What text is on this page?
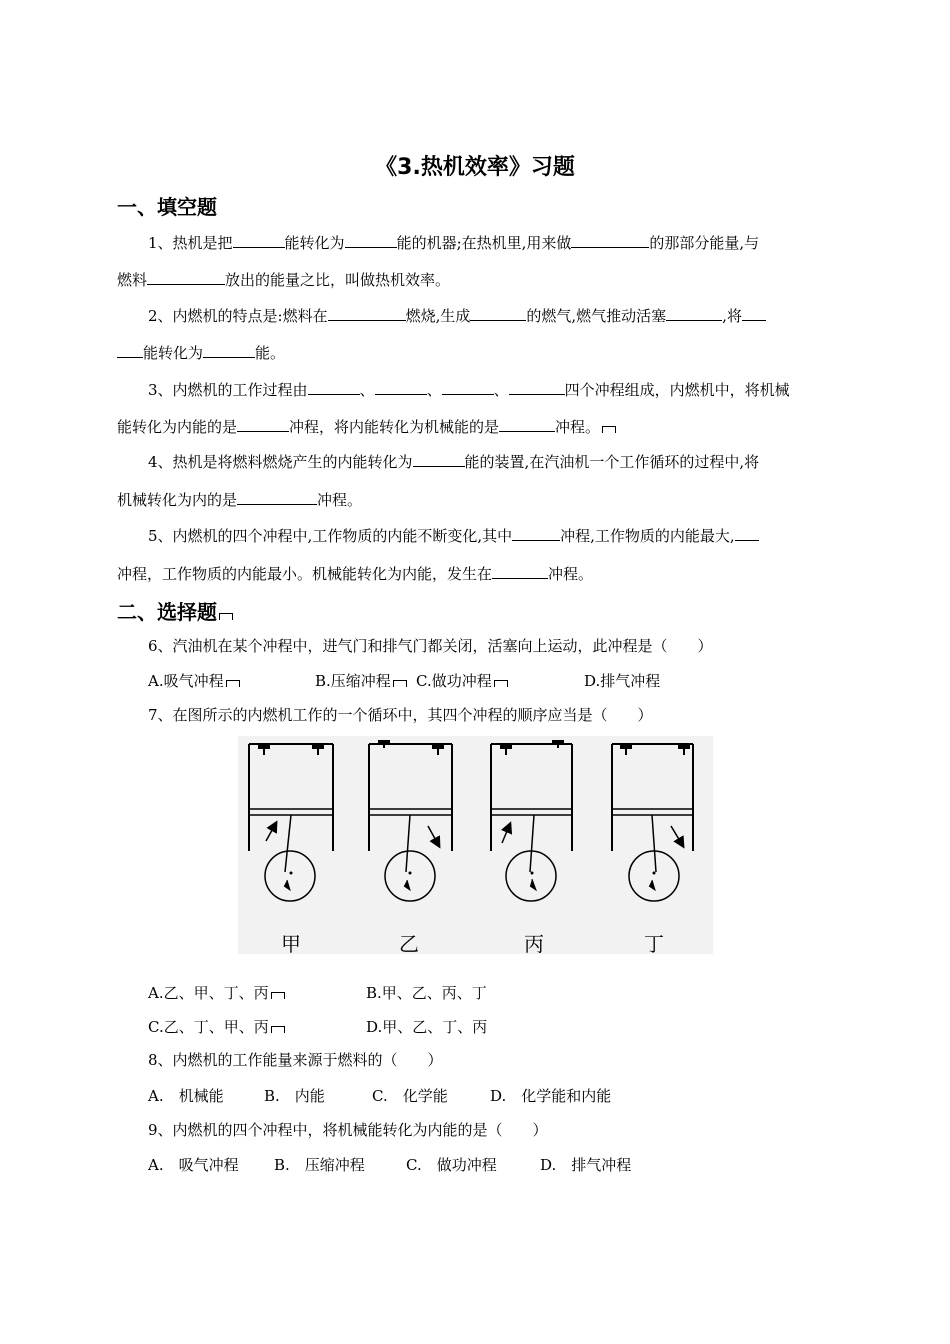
《3.热机效率》习题
一、填空题
1、热机是把	能转化为	能的机器;在热机里,用来做	的那部分能量,与
燃料	放出的能量之比，叫做热机效率。
2、内燃机的特点是:燃料在	燃烧,生成	的燃气,燃气推动活塞	,将
能转化为	能。
3、内燃机的工作过程由	、	、	、	四个冲程组成，内燃机中，将机械
能转化为内能的是	冲程，将内能转化为机械能的是	冲程。
4、热机是将燃料燃烧产生的内能转化为	能的装置,在汽油机一个工作循环的过程中,将
机械转化为内的是	冲程。
5、内燃机的四个冲程中,工作物质的内能不断变化,其中	冲程,工作物质的内能最大,
冲程，工作物质的内能最小。机械能转化为内能，发生在	冲程。
二、选择题
6、汽油机在某个冲程中，进气门和排气门都关闭，活塞向上运动，此冲程是（　　）
A.吸气冲程	B.压缩冲程	C.做功冲程	D.排气冲程
7、在图所示的内燃机工作的一个循环中，其四个冲程的顺序应当是（　　）
甲	乙	丙	丁
A.乙、甲、丁、丙	B.甲、乙、丙、丁
C.乙、丁、甲、丙	D.甲、乙、丁、丙
8、内燃机的工作能量来源于燃料的（　　）
A.　机械能	B.　内能	C.　化学能	D.　化学能和内能
9、内燃机的四个冲程中，将机械能转化为内能的是（　　）
A.　吸气冲程 B.　压缩冲程	C.　做功冲程	D.　排气冲程
